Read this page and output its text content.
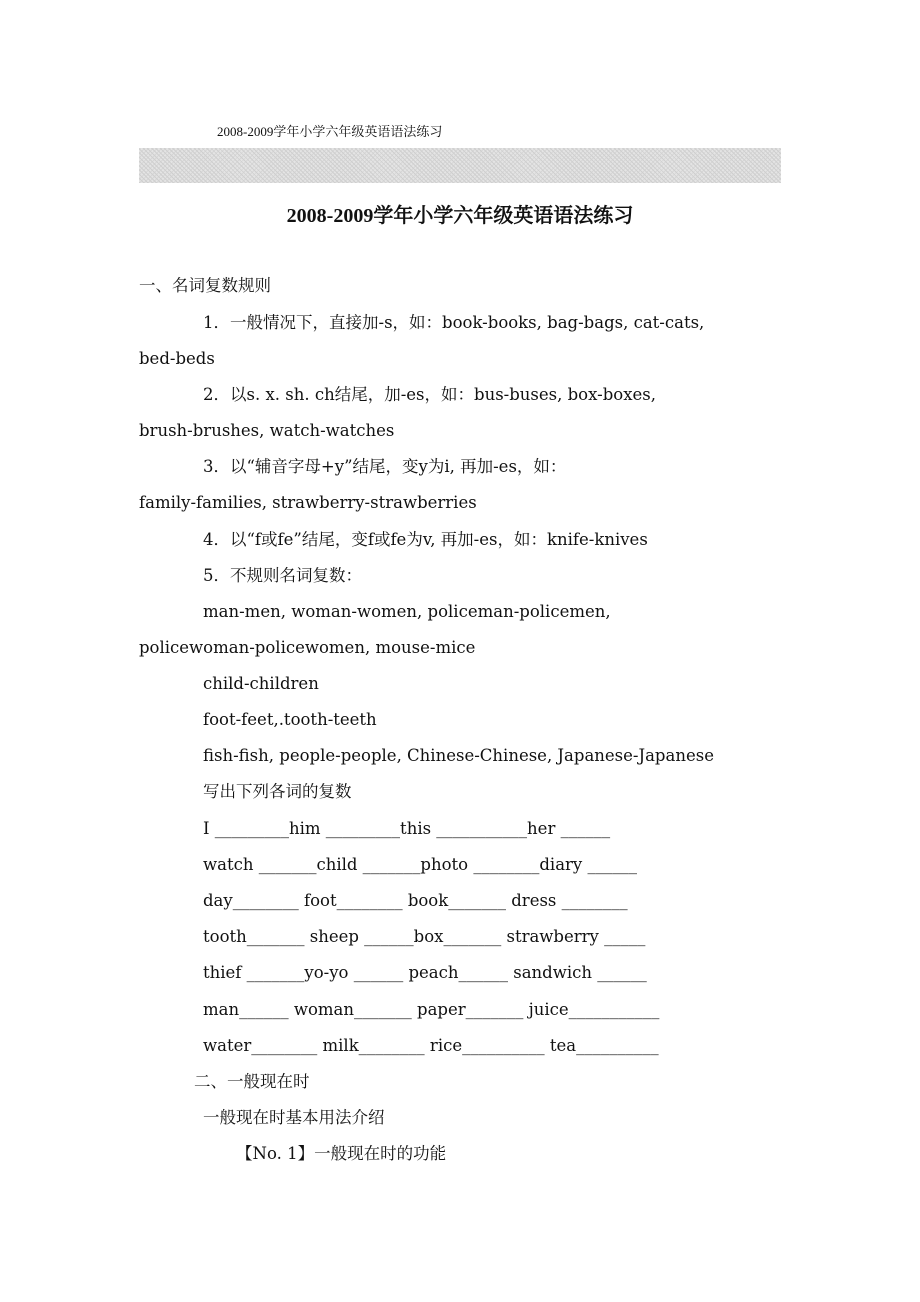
2008-2009学年小学六年级英语语法练习
2008-2009学年小学六年级英语语法练习
一、名词复数规则
1．一般情况下，直接加-s，如：book-books, bag-bags, cat-cats,
bed-beds
2．以s. x. sh. ch结尾，加-es，如：bus-buses, box-boxes,
brush-brushes, watch-watches
3．以“辅音字母+y”结尾，变y为i, 再加-es，如：
family-families, strawberry-strawberries
4．以“f或fe”结尾，变f或fe为v, 再加-es，如：knife-knives
5．不规则名词复数：
man-men, woman-women, policeman-policemen,
policewoman-policewomen, mouse-mice
child-children
foot-feet,.tooth-teeth
fish-fish, people-people, Chinese-Chinese, Japanese-Japanese
写出下列各词的复数
I _________him _________this ___________her ______
watch _______child _______photo ________diary ______
day________ foot________ book_______ dress ________
tooth_______ sheep ______box_______ strawberry _____
thief _______yo-yo ______ peach______ sandwich ______
man______ woman_______ paper_______ juice___________
water________ milk________ rice__________ tea__________
二、一般现在时
一般现在时基本用法介绍
【No. 1】一般现在时的功能
